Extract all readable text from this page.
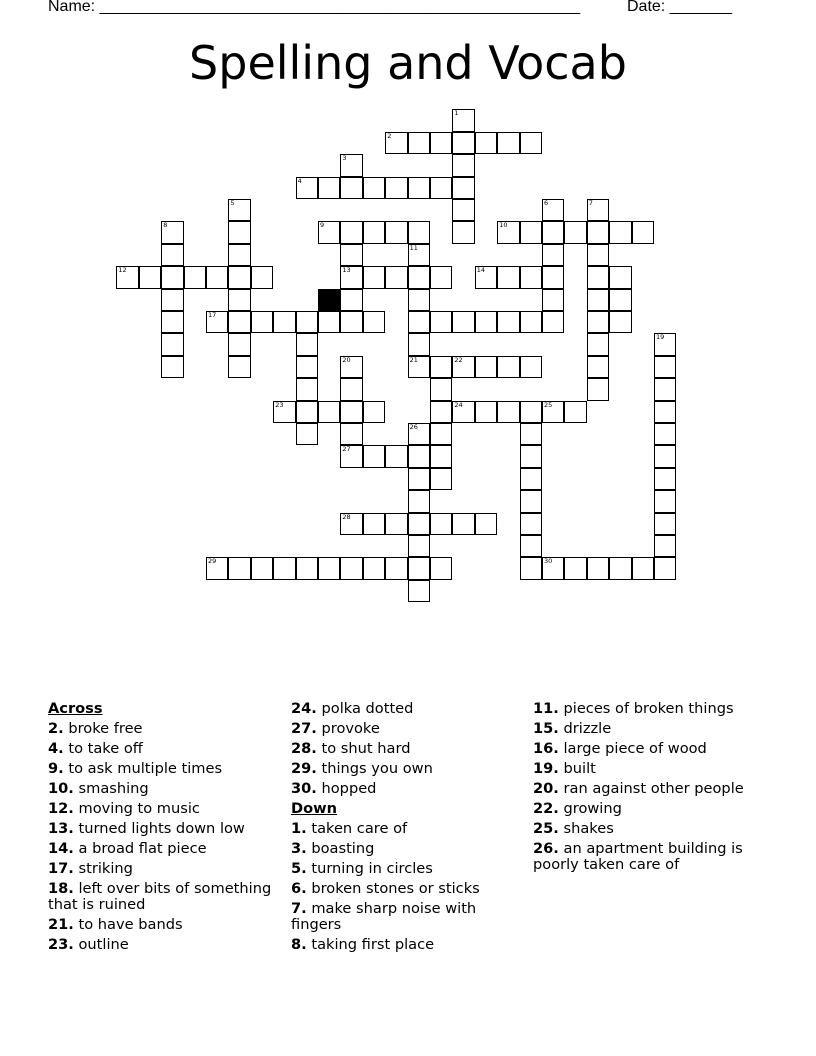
Name: ______________________________________________________	Date: _______
Spelling and Vocab
1
2
3
4
5	6	7
8	9	10
11
12	13	14
17
19
20	21	22
23	24	25
26
27
28
29	30
Across
2. broke free
4. to take off
9. to ask multiple times
10. smashing
12. moving to music
13. turned lights down low
14. a broad flat piece
17. striking
18. left over bits of something that is ruined
21. to have bands
23. outline
24. polka dotted
27. provoke
28. to shut hard
29. things you own
30. hopped
Down
1. taken care of
3. boasting
5. turning in circles
6. broken stones or sticks
7. make sharp noise with fingers
8. taking first place
11. pieces of broken things
15. drizzle
16. large piece of wood
19. built
20. ran against other people
22. growing
25. shakes
26. an apartment building is poorly taken care of
